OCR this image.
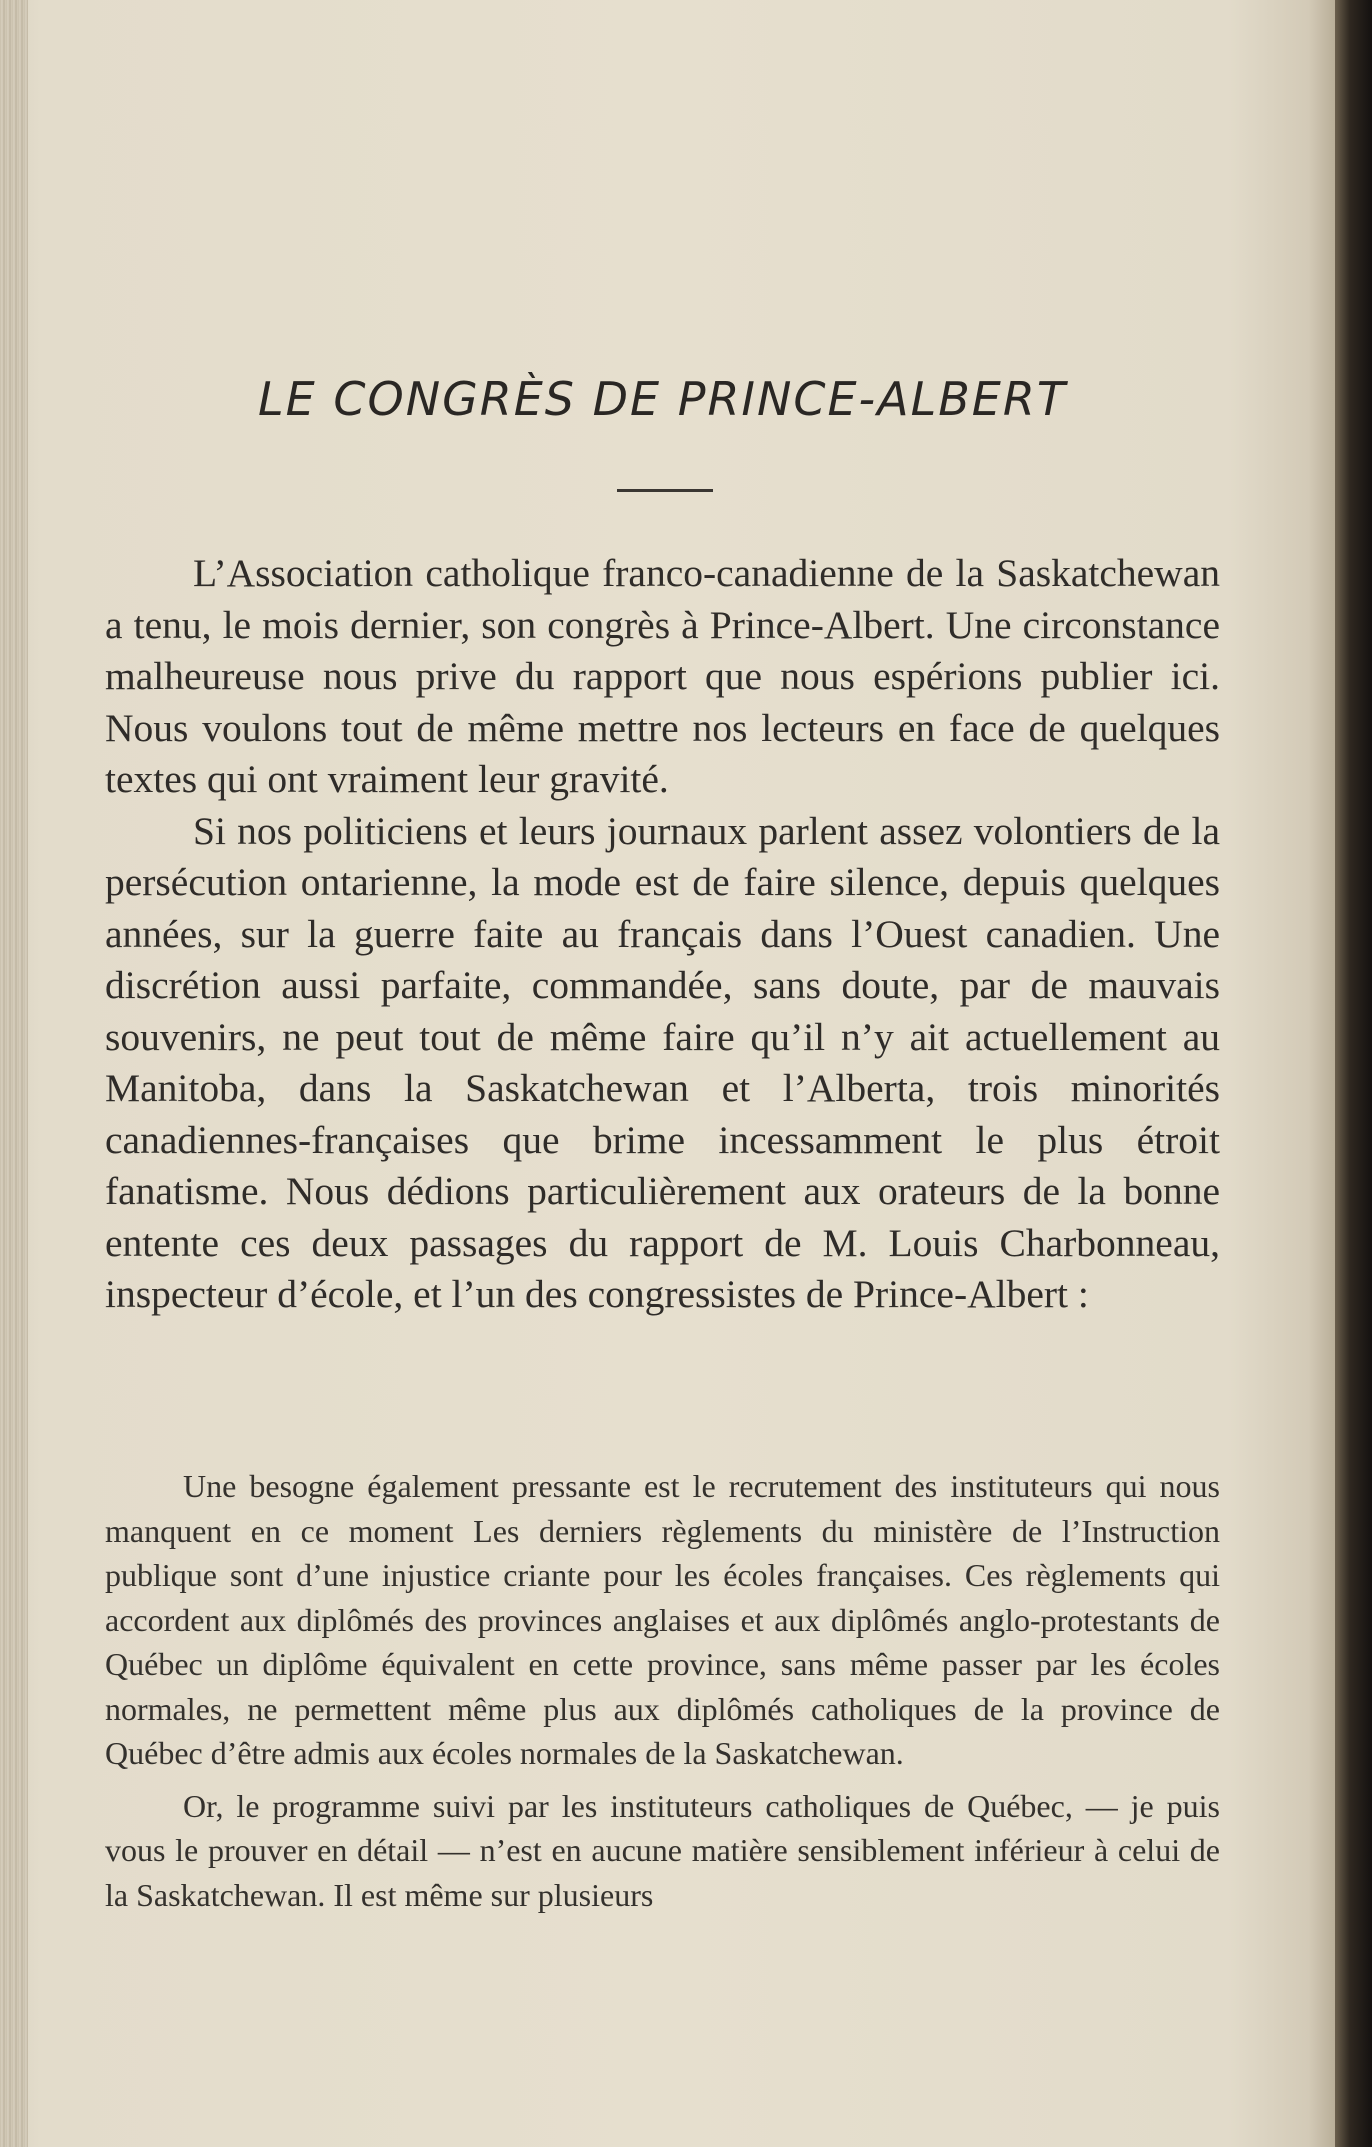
LE CONGRÈS DE PRINCE-ALBERT

L’Association catholique franco-canadienne de la Saskatchewan a tenu, le mois dernier, son congrès à Prince-Albert. Une circonstance malheureuse nous prive du rapport que nous espérions publier ici. Nous voulons tout de même mettre nos lecteurs en face de quelques textes qui ont vraiment leur gravité.

Si nos politiciens et leurs journaux parlent assez volontiers de la persécution ontarienne, la mode est de faire silence, depuis quelques années, sur la guerre faite au français dans l’Ouest canadien. Une discrétion aussi parfaite, commandée, sans doute, par de mauvais souvenirs, ne peut tout de même faire qu’il n’y ait actuellement au Manitoba, dans la Saskatchewan et l’Alberta, trois minorités canadiennes-françaises que brime incessamment le plus étroit fanatisme. Nous dédions particulièrement aux orateurs de la bonne entente ces deux passages du rapport de M. Louis Charbonneau, inspecteur d’école, et l’un des congressistes de Prince-Albert :

Une besogne également pressante est le recrutement des instituteurs qui nous manquent en ce moment Les derniers règlements du ministère de l’Instruction publique sont d’une injustice criante pour les écoles françaises. Ces règlements qui accordent aux diplômés des provinces anglaises et aux diplômés anglo-protestants de Québec un diplôme équivalent en cette province, sans même passer par les écoles normales, ne permettent même plus aux diplômés catholiques de la province de Québec d’être admis aux écoles normales de la Saskatchewan.

Or, le programme suivi par les instituteurs catholiques de Québec, — je puis vous le prouver en détail — n’est en aucune matière sensiblement inférieur à celui de la Saskatchewan. Il est même sur plusieurs
